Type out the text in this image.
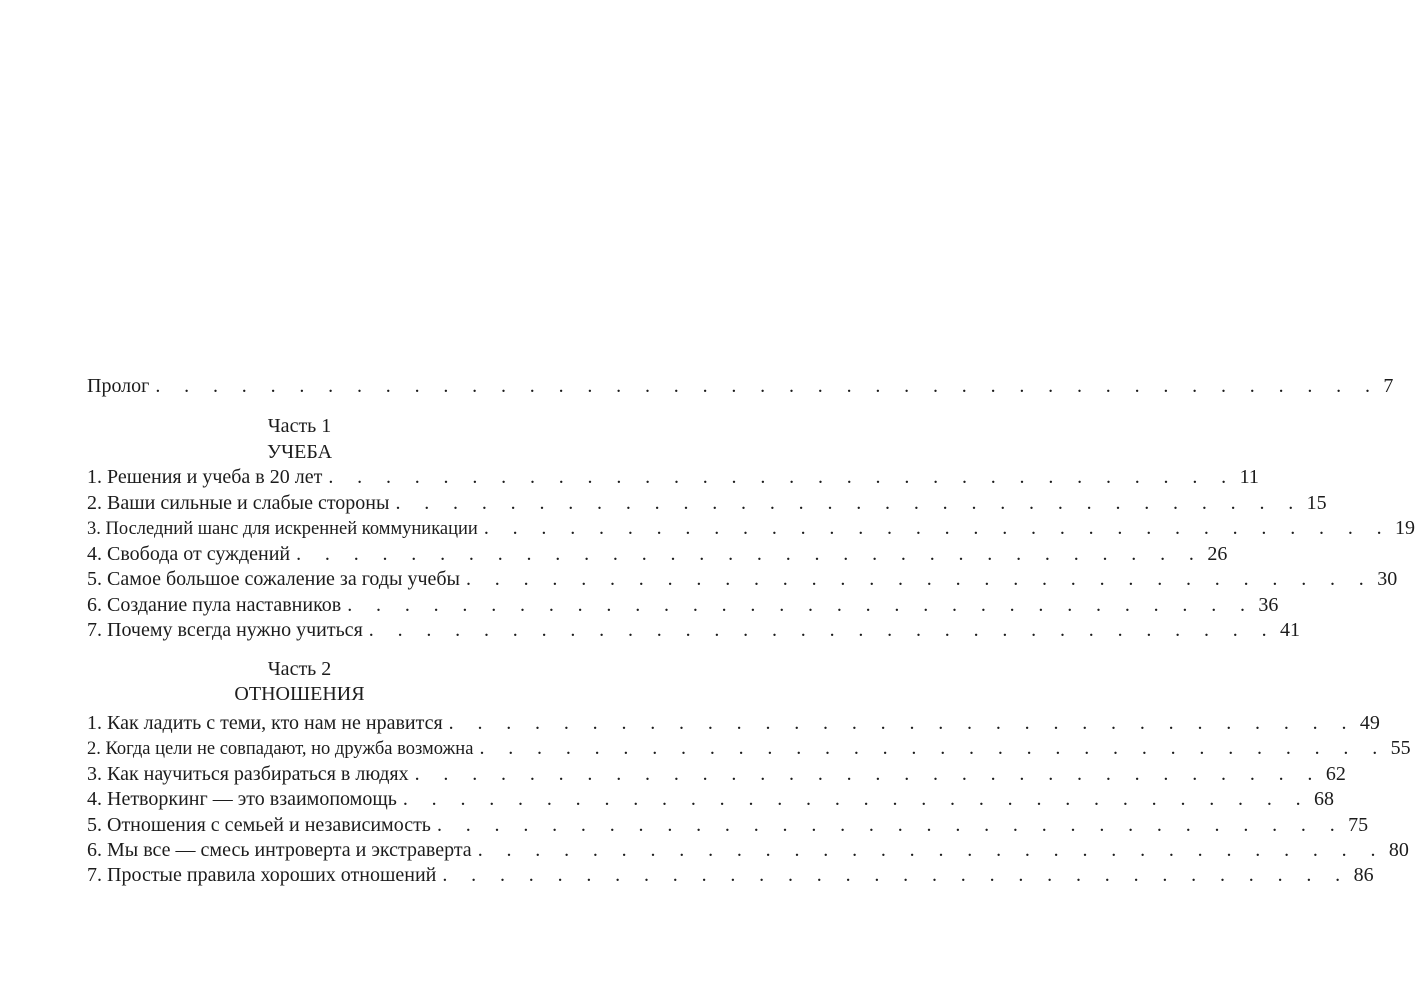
Пролог . . . . . . . . . . . . . . . . . . . . . . . . . . . . . . . . . . . . . . . . . . . 7
Часть 1
УЧЕБА
1. Решения и учеба в 20 лет . . . . . . . . . . . . . . . . . . . . . . . . . . . . . . . . 11
2. Ваши сильные и слабые стороны . . . . . . . . . . . . . . . . . . . . . . . . . . . . . . . . 15
3. Последний шанс для искренней коммуникации . . . . . . . . . . . . . . . . . . . . . . . . . . . . . . . . 19
4. Свобода от суждений . . . . . . . . . . . . . . . . . . . . . . . . . . . . . . . . 26
5. Самое большое сожаление за годы учебы . . . . . . . . . . . . . . . . . . . . . . . . . . . . . . . . 30
6. Создание пула наставников . . . . . . . . . . . . . . . . . . . . . . . . . . . . . . . . 36
7. Почему всегда нужно учиться . . . . . . . . . . . . . . . . . . . . . . . . . . . . . . . . 41
Часть 2
ОТНОШЕНИЯ
1. Как ладить с теми, кто нам не нравится . . . . . . . . . . . . . . . . . . . . . . . . . . . . . . . . 49
2. Когда цели не совпадают, но дружба возможна . . . . . . . . . . . . . . . . . . . . . . . . . . . . . . . . 55
3. Как научиться разбираться в людях . . . . . . . . . . . . . . . . . . . . . . . . . . . . . . . . 62
4. Нетворкинг — это взаимопомощь . . . . . . . . . . . . . . . . . . . . . . . . . . . . . . . . 68
5. Отношения с семьей и независимость . . . . . . . . . . . . . . . . . . . . . . . . . . . . . . . . 75
6. Мы все — смесь интроверта и экстраверта . . . . . . . . . . . . . . . . . . . . . . . . . . . . . . . . 80
7. Простые правила хороших отношений . . . . . . . . . . . . . . . . . . . . . . . . . . . . . . . . 86
